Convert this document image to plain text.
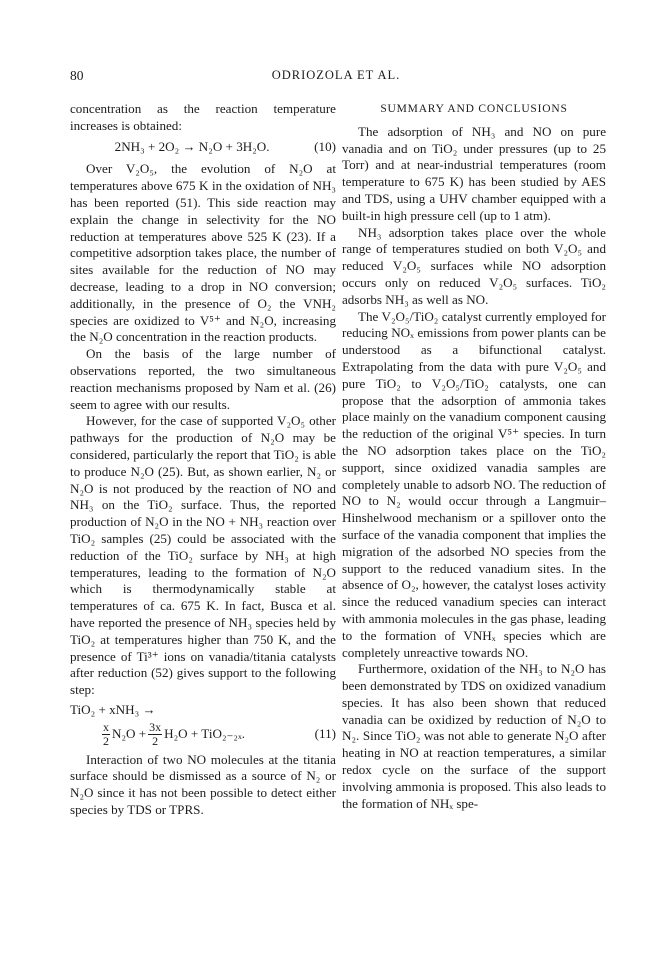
80	ODRIOZOLA ET AL.

concentration as the reaction temperature increases is obtained:

2NH₃ + 2O₂ → N₂O + 3H₂O.	(10)

Over V₂O₅, the evolution of N₂O at temperatures above 675 K in the oxidation of NH₃ has been reported (51). This side reaction may explain the change in selectivity for the NO reduction at temperatures above 525 K (23). If a competitive adsorption takes place, the number of sites available for the reduction of NO may decrease, leading to a drop in NO conversion; additionally, in the presence of O₂ the VNH₂ species are oxidized to V⁵⁺ and N₂O, increasing the N₂O concentration in the reaction products.

On the basis of the large number of observations reported, the two simultaneous reaction mechanisms proposed by Nam et al. (26) seem to agree with our results.

However, for the case of supported V₂O₅ other pathways for the production of N₂O may be considered, particularly the report that TiO₂ is able to produce N₂O (25). But, as shown earlier, N₂ or N₂O is not produced by the reaction of NO and NH₃ on the TiO₂ surface. Thus, the reported production of N₂O in the NO + NH₃ reaction over TiO₂ samples (25) could be associated with the reduction of the TiO₂ surface by NH₃ at high temperatures, leading to the formation of N₂O which is thermodynamically stable at temperatures of ca. 675 K. In fact, Busca et al. have reported the presence of NH₃ species held by TiO₂ at temperatures higher than 750 K, and the presence of Ti³⁺ ions on vanadia/titania catalysts after reduction (52) gives support to the following step:

TiO₂ + xNH₃ →
$\frac{x}{2} N_2O + \frac{3x}{2} H_2O + TiO_{2-2x}$.	(11)

Interaction of two NO molecules at the titania surface should be dismissed as a source of N₂ or N₂O since it has not been possible to detect either species by TDS or TPRS.

SUMMARY AND CONCLUSIONS

The adsorption of NH₃ and NO on pure vanadia and on TiO₂ under pressures (up to 25 Torr) and at near-industrial temperatures (room temperature to 675 K) has been studied by AES and TDS, using a UHV chamber equipped with a built-in high pressure cell (up to 1 atm).

NH₃ adsorption takes place over the whole range of temperatures studied on both V₂O₅ and reduced V₂O₅ surfaces while NO adsorption occurs only on reduced V₂O₅ surfaces. TiO₂ adsorbs NH₃ as well as NO.

The V₂O₅/TiO₂ catalyst currently employed for reducing NOₓ emissions from power plants can be understood as a bifunctional catalyst. Extrapolating from the data with pure V₂O₅ and pure TiO₂ to V₂O₅/TiO₂ catalysts, one can propose that the adsorption of ammonia takes place mainly on the vanadium component causing the reduction of the original V⁵⁺ species. In turn the NO adsorption takes place on the TiO₂ support, since oxidized vanadia samples are completely unable to adsorb NO. The reduction of NO to N₂ would occur through a Langmuir–Hinshelwood mechanism or a spillover onto the surface of the vanadia component that implies the migration of the adsorbed NO species from the support to the reduced vanadium sites. In the absence of O₂, however, the catalyst loses activity since the reduced vanadium species can interact with ammonia molecules in the gas phase, leading to the formation of VNHₓ species which are completely unreactive towards NO.

Furthermore, oxidation of the NH₃ to N₂O has been demonstrated by TDS on oxidized vanadium species. It has also been shown that reduced vanadia can be oxidized by reduction of N₂O to N₂. Since TiO₂ was not able to generate N₂O after heating in NO at reaction temperatures, a similar redox cycle on the surface of the support involving ammonia is proposed. This also leads to the formation of NHₓ spe-
